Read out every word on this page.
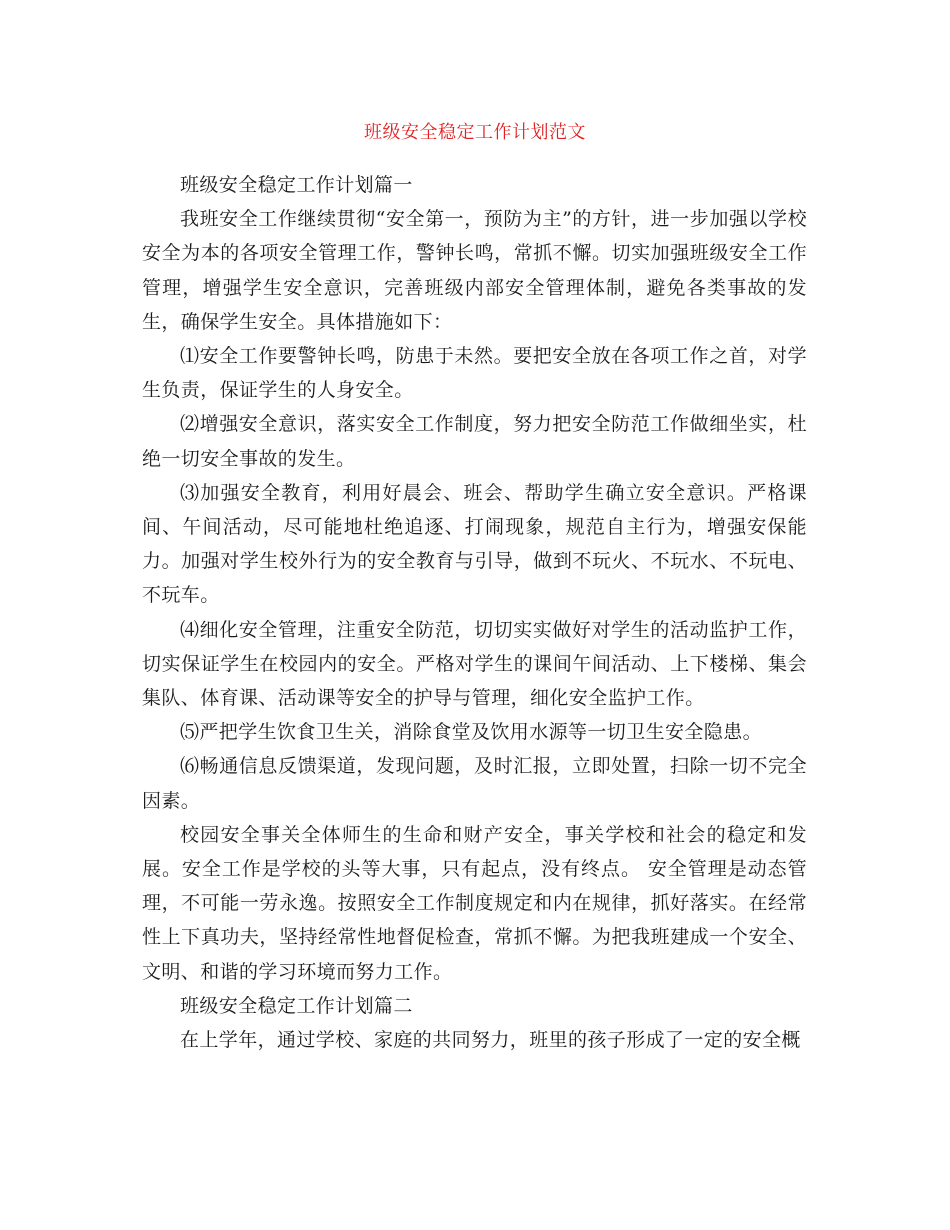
班级安全稳定工作计划范文

班级安全稳定工作计划篇一

我班安全工作继续贯彻“安全第一，预防为主”的方针，进一步加强以学校安全为本的各项安全管理工作，警钟长鸣，常抓不懈。切实加强班级安全工作管理，增强学生安全意识，完善班级内部安全管理体制，避免各类事故的发生，确保学生安全。具体措施如下：

⑴安全工作要警钟长鸣，防患于未然。要把安全放在各项工作之首，对学生负责，保证学生的人身安全。

⑵增强安全意识，落实安全工作制度，努力把安全防范工作做细坐实，杜绝一切安全事故的发生。

⑶加强安全教育，利用好晨会、班会、帮助学生确立安全意识。严格课间、午间活动，尽可能地杜绝追逐、打闹现象，规范自主行为，增强安保能力。加强对学生校外行为的安全教育与引导，做到不玩火、不玩水、不玩电、不玩车。

⑷细化安全管理，注重安全防范，切切实实做好对学生的活动监护工作，切实保证学生在校园内的安全。严格对学生的课间午间活动、上下楼梯、集会集队、体育课、活动课等安全的护导与管理，细化安全监护工作。

⑸严把学生饮食卫生关，消除食堂及饮用水源等一切卫生安全隐患。

⑹畅通信息反馈渠道，发现问题，及时汇报，立即处置，扫除一切不完全因素。

校园安全事关全体师生的生命和财产安全，事关学校和社会的稳定和发展。安全工作是学校的头等大事，只有起点，没有终点。 安全管理是动态管理，不可能一劳永逸。按照安全工作制度规定和内在规律，抓好落实。在经常性上下真功夫，坚持经常性地督促检查，常抓不懈。为把我班建成一个安全、文明、和谐的学习环境而努力工作。

班级安全稳定工作计划篇二

在上学年，通过学校、家庭的共同努力，班里的孩子形成了一定的安全概
